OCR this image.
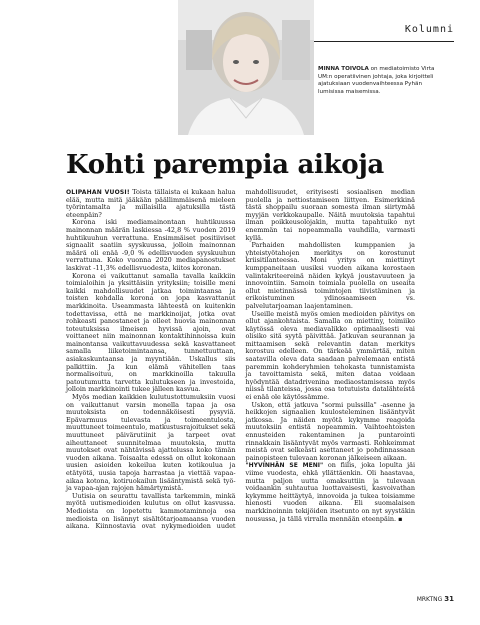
Kolumni
MINNA TOIVOLA on mediatoimisto Virta UM:n operatiivinen johtaja, joka kirjoitteli ajatuksiaan vuodenvaihteessa Pyhän lumisissa maisemissa.
Kohti parempia aikoja

OLIPAHAN VUOSI! Toista tällaista ei kukaan halua elää, mutta mitä jääkään päällimmäisenä mieleen työrintamalta ja millaisilla ajatuksilla tästä eteenpäin?

Korona iski mediamainontaan huhtikuussa mainonnan määrän laskiessa -42,8 % vuoden 2019 huhtikuuhun verrattuna. Ensimmäiset positiiviset signaalit saatiin syyskuussa, jolloin mainonnan määrä oli enää -9,0 % edellisvuoden syyskuuhun verrattuna. Koko vuonna 2020 mediapanostukset laskivat -11,3% edellisvuodesta, kiitos koronan.

Korona ei vaikuttanut samalla tavalla kaikkiin toimialoihin ja yksittäisiin yrityksiin; toisille meni kaikki mahdollisuudet jatkaa toimintaansa ja toisten kohdalla korona on jopa kasvattanut markkinoita. Useammasta lähteestä on kuitenkin todettavissa, että ne markkinoijat, jotka ovat rohkeasti panostaneet ja olleet huovia mainonnan toteutuksissa ilmeisen hyvissä ajoin, ovat voittaneet niin mainonnan kontaktihinnoissa kuin mainontansa vaikuttavuudessa sekä kasvattaneet samalla liiketoimintaansa, tunnettuuttaan, asiakaskuntaansa ja myyntiään. Uskallus siis palkittiin. Ja kun elämä vähitellen taas normalisoituu, on markkinoilla takuulla patoutumutta tarvetta kulutukseen ja investoida, jolloin markkinointi tukee jälleen kasvua.

Myös median kaikkien kulutustottumuksiin vuosi on vaikuttanut varsin monella tapaa ja osa muutoksista on todennäköisesti pysyviä. Epävarmuus tulevasta ja toimeentulosta, muuttuneet toimeentulo, matkustusrajoitukset sekä muuttuneet päivärutiinit ja tarpeet ovat aiheuttaneet suunnitelmaa muutoksia, mutta muutokset ovat nähtävissä ajattelussa koko tämän vuoden aikana. Toisaalta edessä on ollut kokonaan uusien asioiden kokeilua kuten kotikoulua ja etätyötä, uusia tapoja harrastaa ja viettää vapaa-aikaa kotona, kotiruokailun lisääntymistä sekä työ- ja vapaa-ajan rajojen hämärtymistä.

Uutisia on seurattu tavallista tarkemmin, minkä myötä uutismedioiden kulutus on ollut kasvussa. Medioista on lopetettu kammotaminnoja osa medioista on lisännyt sisältötarjoamaansa vuoden aikana. Kiinnostavia ovat nykymedioiden uudet mahdollisuudet, erityisesti sosiaalisen median puolella ja nettiostamiseen liittyen. Esimerkkinä tästä shoppailu suoraan somesta ilman siirtymää myyjän verkkokaupalle. Näitä muutoksia tapahtui ilman poikkeusolojakin, mutta tapahtuiko nyt enemmän tai nopeammalla vauhdilla, varmasti kyllä.

Parhaiden mahdollisten kumppanien ja yhteistyötahojen merkitys on korostunut kriisitilanteessa. Moni yritys on miettinyt kumppaneitaan uusiksi vuoden aikana korostaen valintakriteereinä näiden kykyä joustavuuteen ja innovointiin. Samoin toimiala puolella on useaita ollut mietinnässä toimintojen tiivistäminen ja erikoistuminen ydinosaamiseen vs. palvelutarjoaman laajentaminen.

Useille meistä myös omien medioiden päivitys on ollut ajankohtaista. Samalla on miettiny, toimiiko käytössä oleva mediavalikko optimaalisesti vai olisiko sitä syytä päivittää. Jatkuvan seurannan ja mittaamisen sekä relevantin datan merkitys korostuu edelleen. On tärkeää ymmärtää, miten saatavilla oleva data saadaan palvelemaan entistä paremmin kohderyhmien tehokasta tunnistamista ja tavoittamista sekä, miten dataa voidaan hyödyntää datadrivenina mediaostamisessa myös niissä tilanteissa, jossa osa totutuista datalähteistä ei enää ole käytössämme.

Uskon, että jatkuva "sormi pulssilla" -asenne ja heikkojen signaalien kuulosteleminen lisääntyvät jatkossa. Ja näiden myötä kykymme reagoida muutoksiin entistä nopeammin. Vaihtoehtoisten ennusteiden rakentaminen ja puntarointi rinnakkain lisääntyvät myös varmasti. Rohkeimmat meistä ovat selkeästi asettaneet jo pohdinnassaan painopisteen tulevaan koronan jälkeiseen aikaan.

"HYVINHÄN SE MENI" on fiilis, joka lopulta jäi viime vuodesta, ehkä yllättäenkin. Oli haastavaa, mutta paljon uutta omaksuttiin ja tulevaan voidaankin suhtautua luottavaisesti, kasvoivathan kykymme heittäytyä, innovoida ja tukea toisiamme hienosti vuoden aikana. Eli suomalaisen markkinoinnin tekijöiden itsetunto on nyt syystäkin nousussa, ja tällä virralla mennään eteenpäin. ▪

MRKTNG 31
